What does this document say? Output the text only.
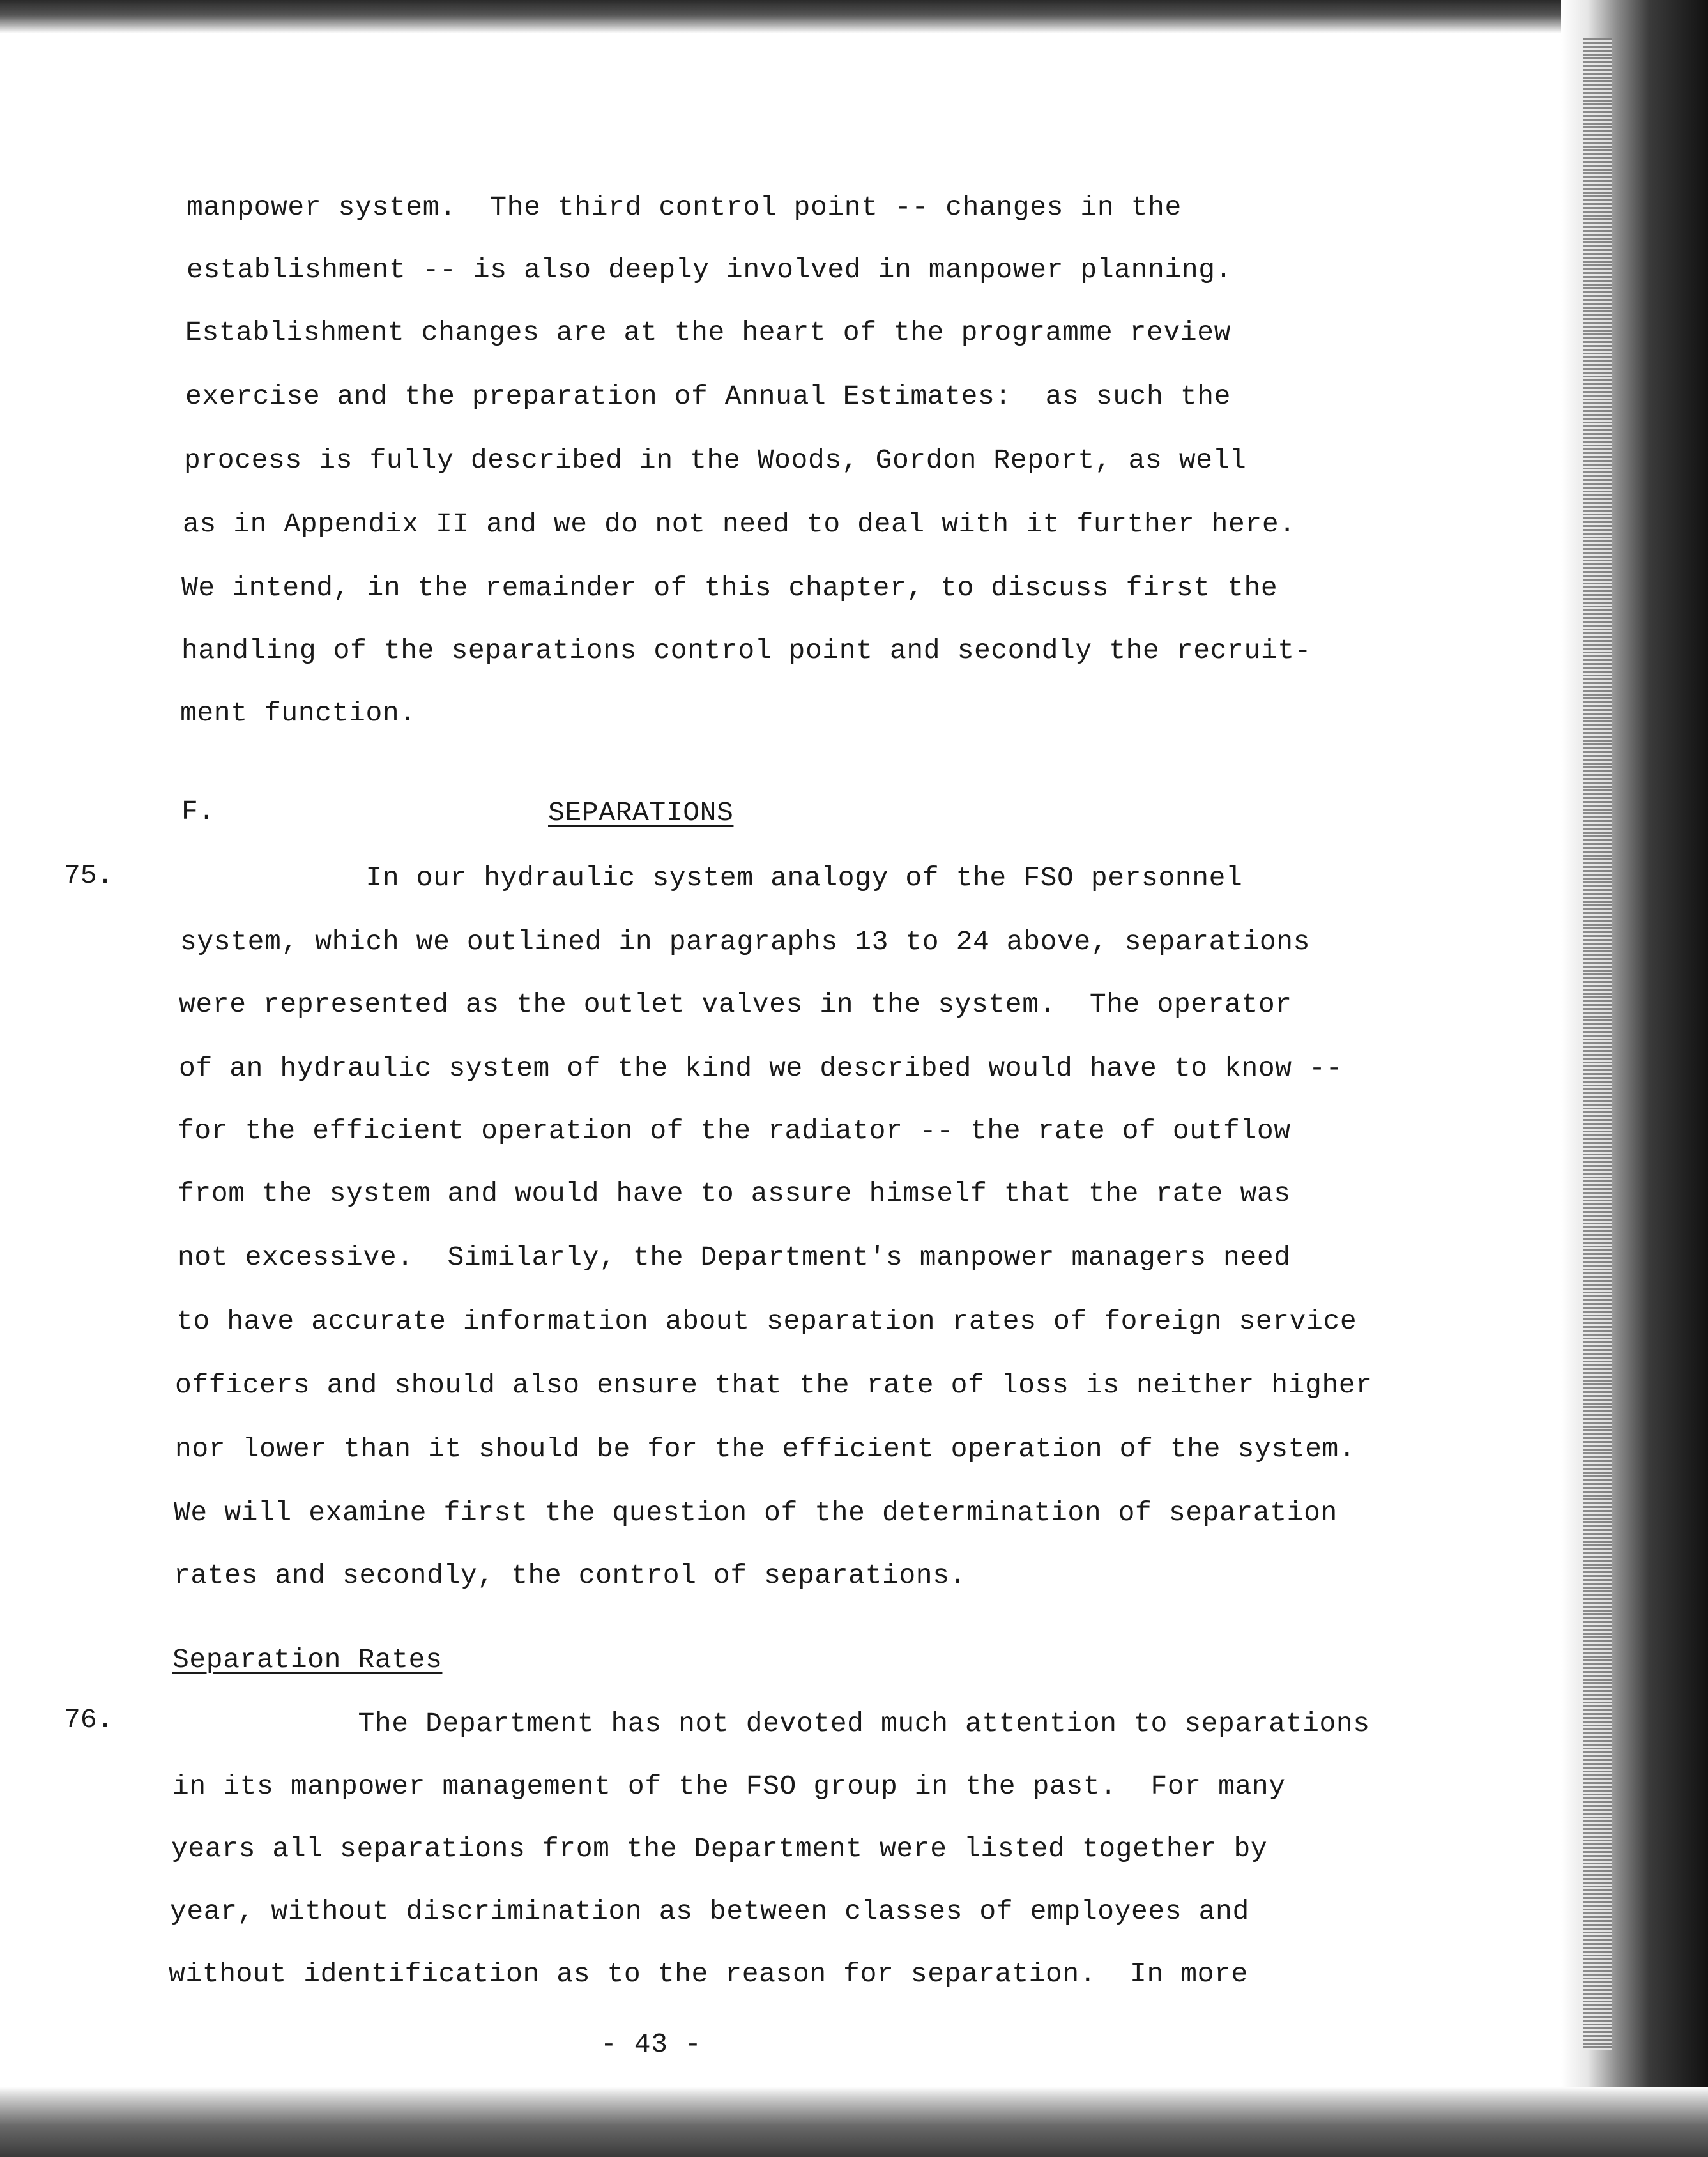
manpower system.  The third control point -- changes in the
establishment -- is also deeply involved in manpower planning.
Establishment changes are at the heart of the programme review
exercise and the preparation of Annual Estimates:  as such the
process is fully described in the Woods, Gordon Report, as well
as in Appendix II and we do not need to deal with it further here.
We intend, in the remainder of this chapter, to discuss first the
handling of the separations control point and secondly the recruit-
ment function.
F.	SEPARATIONS
75. In our hydraulic system analogy of the FSO personnel
system, which we outlined in paragraphs 13 to 24 above, separations
were represented as the outlet valves in the system.  The operator
of an hydraulic system of the kind we described would have to know --
for the efficient operation of the radiator -- the rate of outflow
from the system and would have to assure himself that the rate was
not excessive.  Similarly, the Department's manpower managers need
to have accurate information about separation rates of foreign service
officers and should also ensure that the rate of loss is neither higher
nor lower than it should be for the efficient operation of the system.
We will examine first the question of the determination of separation
rates and secondly, the control of separations.
Separation Rates
76. The Department has not devoted much attention to separations
in its manpower management of the FSO group in the past.  For many
years all separations from the Department were listed together by
year, without discrimination as between classes of employees and
without identification as to the reason for separation.  In more
- 43 -
